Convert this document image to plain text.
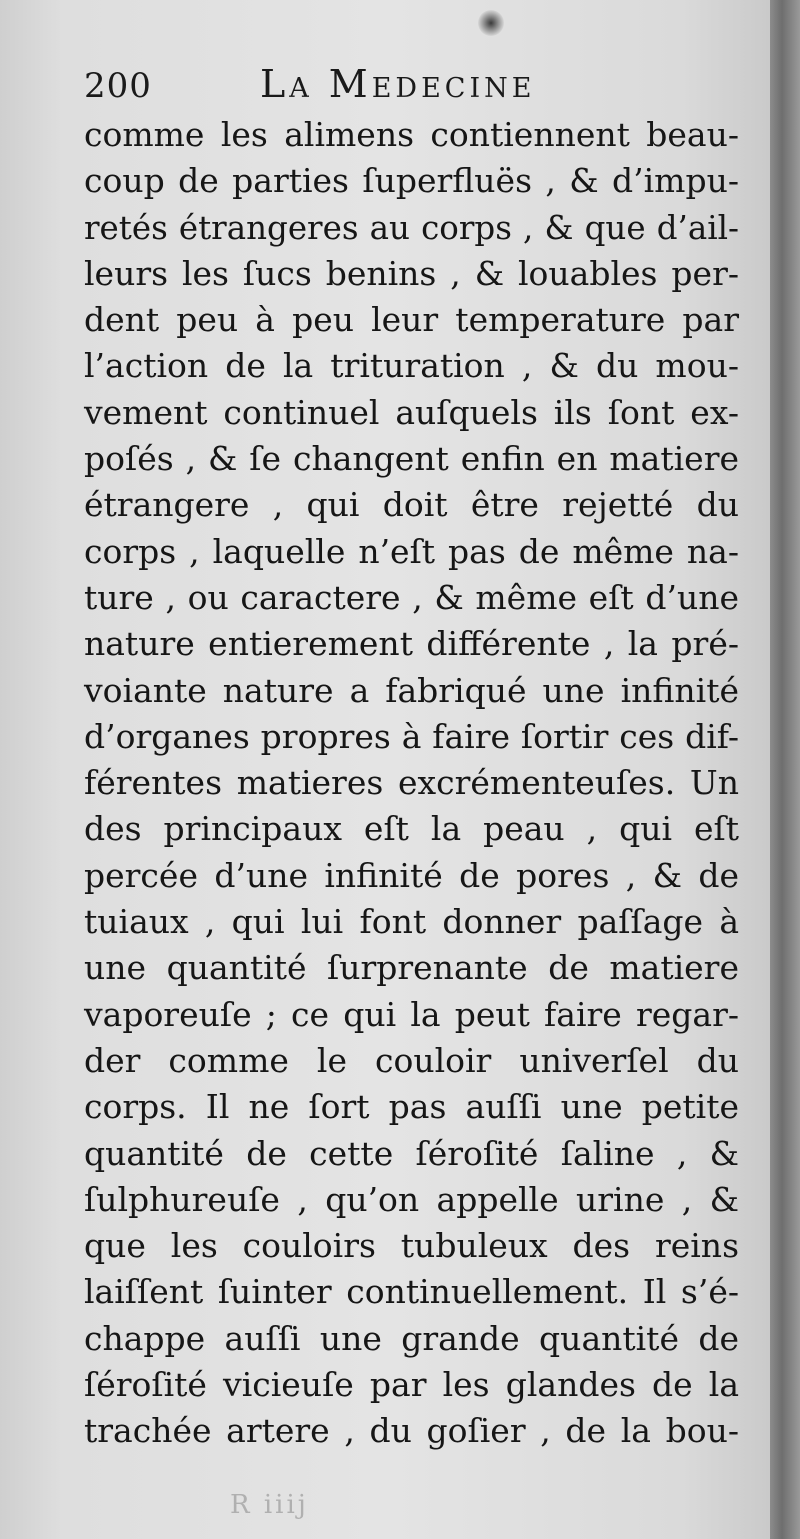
200	La Medecine
comme les alimens contiennent beau-
coup de parties ſuperfluës , & d’impu-
retés étrangeres au corps , & que d’ail-
leurs les ſucs benins , & louables per-
dent peu à peu leur temperature par
l’action de la trituration , & du mou-
vement continuel auſquels ils ſont ex-
poſés , & ſe changent enfin en matiere
étrangere , qui doit être rejetté du
corps , laquelle n’eſt pas de même na-
ture , ou caractere , & même eſt d’une
nature entierement différente , la pré-
voiante nature a fabriqué une infinité
d’organes propres à faire ſortir ces dif-
férentes matieres excrémenteuſes. Un
des principaux eſt la peau , qui eſt
percée d’une infinité de pores , & de
tuiaux , qui lui font donner paſſage à
une quantité ſurprenante de matiere
vaporeuſe ; ce qui la peut faire regar-
der comme le couloir univerſel du
corps. Il ne ſort pas auſſi une petite
quantité de cette ſéroſité ſaline , &
ſulphureuſe , qu’on appelle urine , &
que les couloirs tubuleux des reins
laiſſent ſuinter continuellement. Il s’é-
chappe auſſi une grande quantité de
ſéroſité vicieuſe par les glandes de la
trachée artere , du goſier , de la bou-
R iiij
